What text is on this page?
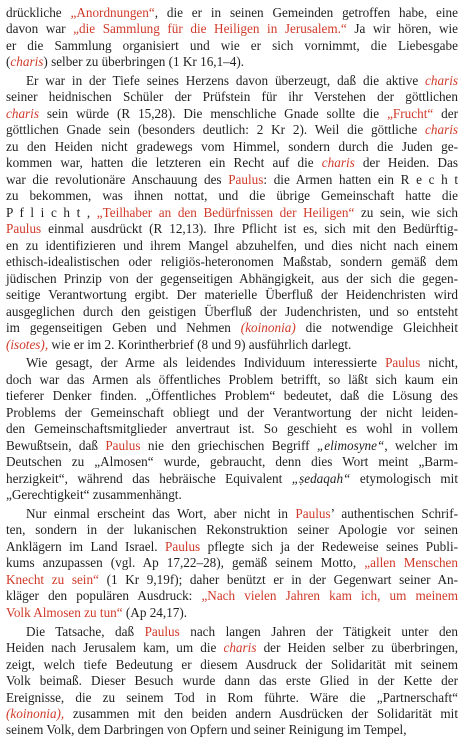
drückliche „Anordnungen“, die er in seinen Gemeinden getroffen habe, eine
davon war „die Sammlung für die Heiligen in Jerusalem.“ Ja wir hören, wie
er die Sammlung organisiert und wie er sich vornimmt, die Liebesgabe
(charis) selber zu überbringen (1 Kr 16,1–4).
Er war in der Tiefe seines Herzens davon überzeugt, daß die aktive charis
seiner heidnischen Schüler der Prüfstein für ihr Verstehen der göttlichen
charis sein würde (R 15,28). Die menschliche Gnade sollte die „Frucht“ der
göttlichen Gnade sein (besonders deutlich: 2 Kr 2). Weil die göttliche charis
zu den Heiden nicht gradewegs vom Himmel, sondern durch die Juden ge-
kommen war, hatten die letzteren ein Recht auf die charis der Heiden. Das
war die revolutionäre Anschauung des Paulus: die Armen hatten ein R e c h t
zu bekommen, was ihnen nottat, und die übrige Gemeinschaft hatte die
P f l i c h t , „Teilhaber an den Bedürfnissen der Heiligen“ zu sein, wie sich
Paulus einmal ausdrückt (R 12,13). Ihre Pflicht ist es, sich mit den Bedürftig-
en zu identifizieren und ihrem Mangel abzuhelfen, und dies nicht nach einem
ethisch-idealistischen oder religiös-heteronomen Maßstab, sondern gemäß dem
jüdischen Prinzip von der gegenseitigen Abhängigkeit, aus der sich die gegen-
seitige Verantwortung ergibt. Der materielle Überfluß der Heidenchristen wird
ausgeglichen durch den geistigen Überfluß der Judenchristen, und so entsteht
im gegenseitigen Geben und Nehmen (koinonia) die notwendige Gleichheit
(isotes), wie er im 2. Korintherbrief (8 und 9) ausführlich darlegt.
Wie gesagt, der Arme als leidendes Individuum interessierte Paulus nicht,
doch war das Armen als öffentliches Problem betrifft, so läßt sich kaum ein
tieferer Denker finden. „Öffentliches Problem“ bedeutet, daß die Lösung des
Problems der Gemeinschaft obliegt und der Verantwortung der nicht leiden-
den Gemeinschaftsmitglieder anvertraut ist. So geschieht es wohl in vollem
Bewußtsein, daß Paulus nie den griechischen Begriff „elimosyne“, welcher im
Deutschen zu „Almosen“ wurde, gebraucht, denn dies Wort meint „Barm-
herzigkeit“, während das hebräische Equivalent „ṣedaqah“ etymologisch mit
„Gerechtigkeit“ zusammenhängt.
Nur einmal erscheint das Wort, aber nicht in Paulus’ authentischen Schrif-
ten, sondern in der lukanischen Rekonstruktion seiner Apologie vor seinen
Anklägern im Land Israel. Paulus pflegte sich ja der Redeweise seines Publi-
kums anzupassen (vgl. Ap 17,22–28), gemäß seinem Motto, „allen Menschen
Knecht zu sein“ (1 Kr 9,19f); daher benützt er in der Gegenwart seiner An-
kläger den populären Ausdruck: „Nach vielen Jahren kam ich, um meinem
Volk Almosen zu tun“ (Ap 24,17).
Die Tatsache, daß Paulus nach langen Jahren der Tätigkeit unter den
Heiden nach Jerusalem kam, um die charis der Heiden selber zu überbringen,
zeigt, welch tiefe Bedeutung er diesem Ausdruck der Solidarität mit seinem
Volk beimaß. Dieser Besuch wurde dann das erste Glied in der Kette der
Ereignisse, die zu seinem Tod in Rom führte. Wäre die „Partnerschaft“
(koinonia), zusammen mit den beiden andern Ausdrücken der Solidarität mit
seinem Volk, dem Darbringen von Opfern und seiner Reinigung im Tempel,
